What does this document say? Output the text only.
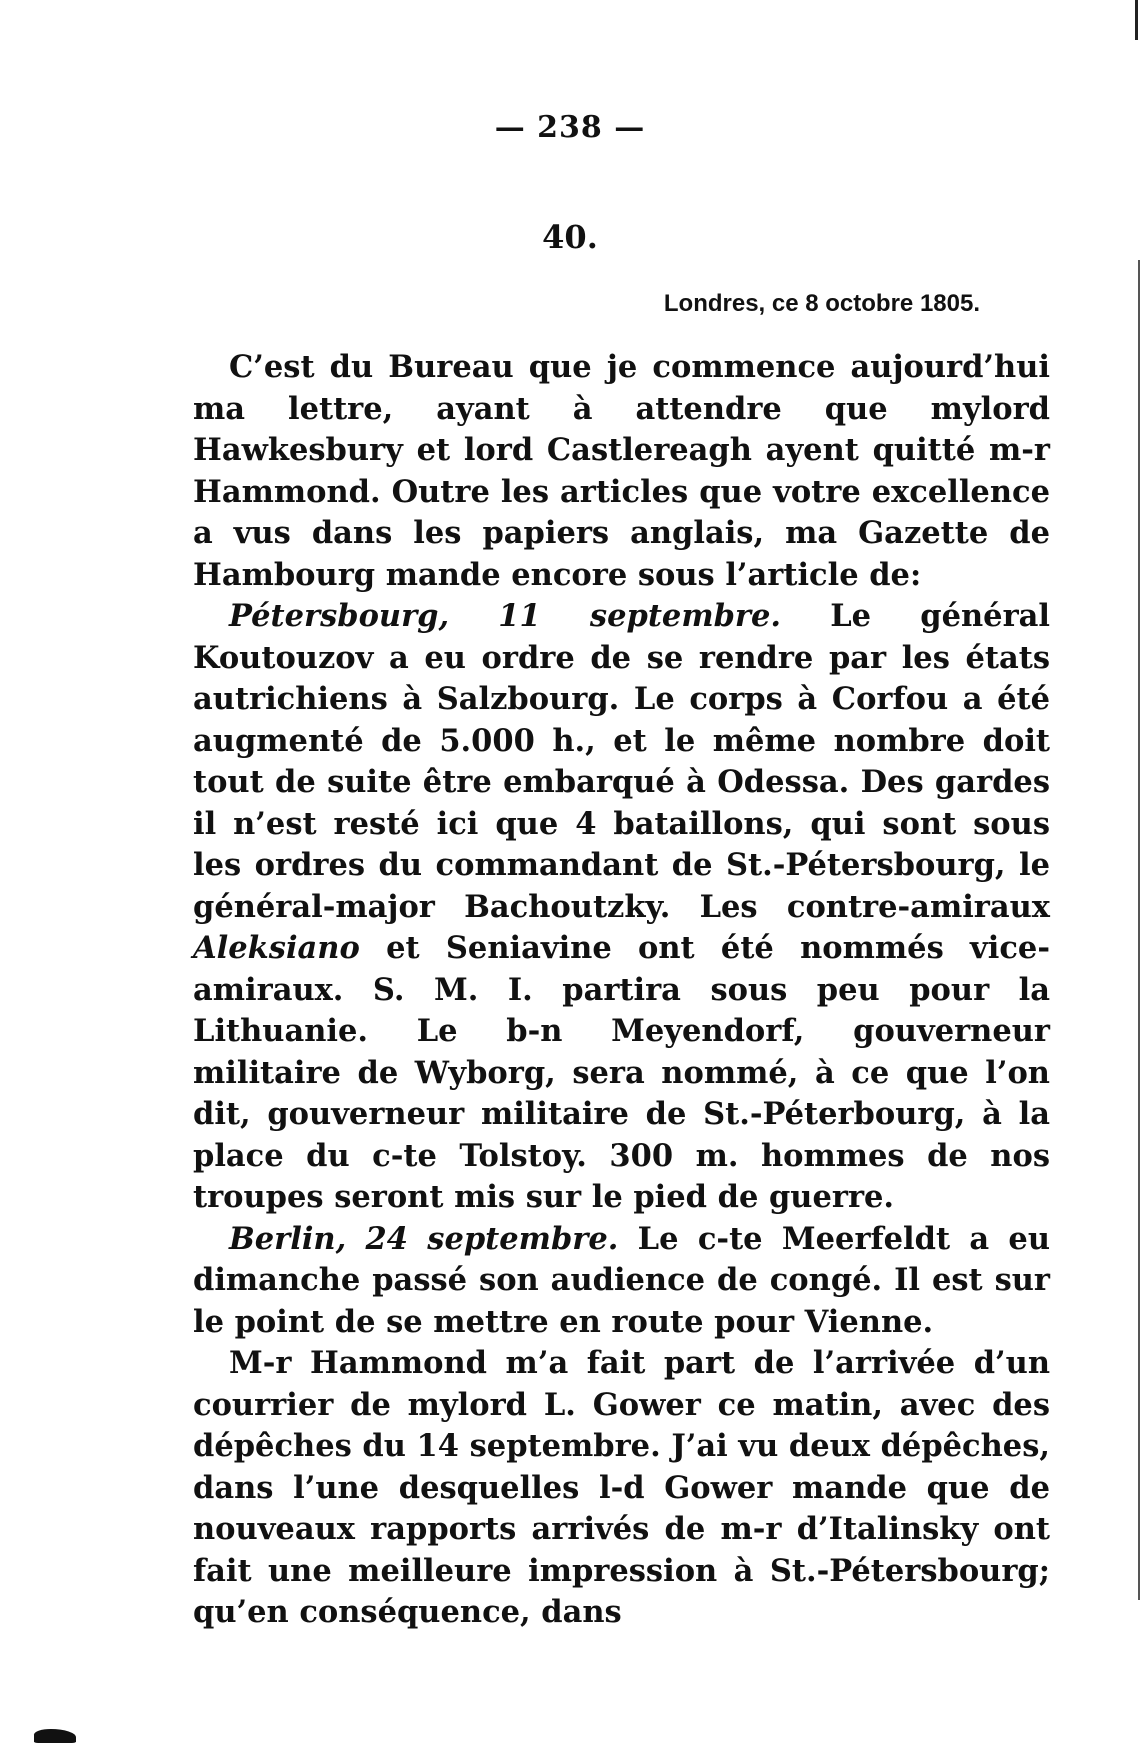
— 238 —
40.
Londres, ce 8 octobre 1805.

C’est du Bureau que je commence aujourd’hui ma lettre, ayant à attendre que mylord Hawkesbury et lord Castlereagh ayent quitté m-r Hammond. Outre les articles que votre excellence a vus dans les papiers anglais, ma Gazette de Hambourg mande encore sous l’article de:

Pétersbourg, 11 septembre. Le général Koutouzov a eu ordre de se rendre par les états autrichiens à Salzbourg. Le corps à Corfou a été augmenté de 5.000 h., et le même nombre doit tout de suite être embarqué à Odessa. Des gardes il n’est resté ici que 4 bataillons, qui sont sous les ordres du commandant de St.-Pétersbourg, le général-major Bachoutzky. Les contre-amiraux Aleksiano et Seniavine ont été nommés vice-amiraux. S. M. I. partira sous peu pour la Lithuanie. Le b-n Meyendorf, gouverneur militaire de Wyborg, sera nommé, à ce que l’on dit, gouverneur militaire de St.-Péterbourg, à la place du c-te Tolstoy. 300 m. hommes de nos troupes seront mis sur le pied de guerre.

Berlin, 24 septembre. Le c-te Meerfeldt a eu dimanche passé son audience de congé. Il est sur le point de se mettre en route pour Vienne.

M-r Hammond m’a fait part de l’arrivée d’un courrier de mylord L. Gower ce matin, avec des dépêches du 14 septembre. J’ai vu deux dépêches, dans l’une desquelles l-d Gower mande que de nouveaux rapports arrivés de m-r d’Italinsky ont fait une meilleure impression à St.-Pétersbourg; qu’en conséquence, dans
